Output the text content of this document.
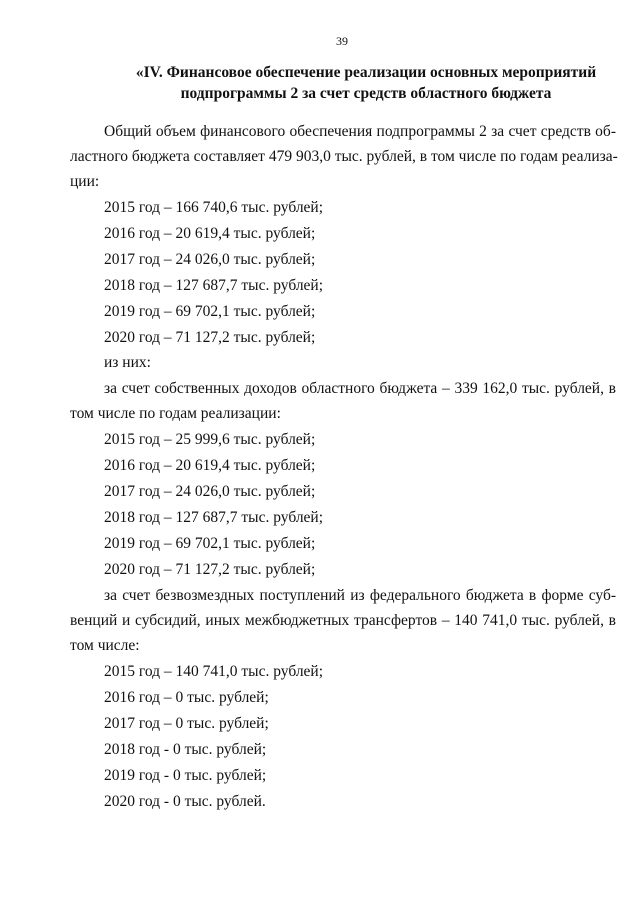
39
«IV. Финансовое обеспечение реализации основных мероприятий
подпрограммы 2 за счет средств областного бюджета
Общий объем финансового обеспечения подпрограммы 2 за счет средств об-
ластного бюджета составляет 479 903,0 тыс. рублей, в том числе по годам реализа-
ции:
2015 год – 166 740,6 тыс. рублей;
2016 год – 20 619,4 тыс. рублей;
2017 год – 24 026,0 тыс. рублей;
2018 год – 127 687,7 тыс. рублей;
2019 год – 69 702,1 тыс. рублей;
2020 год – 71 127,2 тыс. рублей;
из них:
за счет собственных доходов областного бюджета – 339 162,0 тыс. рублей, в
том числе по годам реализации:
2015 год – 25 999,6 тыс. рублей;
2016 год – 20 619,4 тыс. рублей;
2017 год – 24 026,0 тыс. рублей;
2018 год – 127 687,7 тыс. рублей;
2019 год – 69 702,1 тыс. рублей;
2020 год – 71 127,2 тыс. рублей;
за счет безвозмездных поступлений из федерального бюджета в форме суб-
венций и субсидий, иных межбюджетных трансфертов – 140 741,0 тыс. рублей, в
том числе:
2015 год – 140 741,0 тыс. рублей;
2016 год – 0 тыс. рублей;
2017 год – 0 тыс. рублей;
2018 год - 0 тыс. рублей;
2019 год - 0 тыс. рублей;
2020 год - 0 тыс. рублей.
